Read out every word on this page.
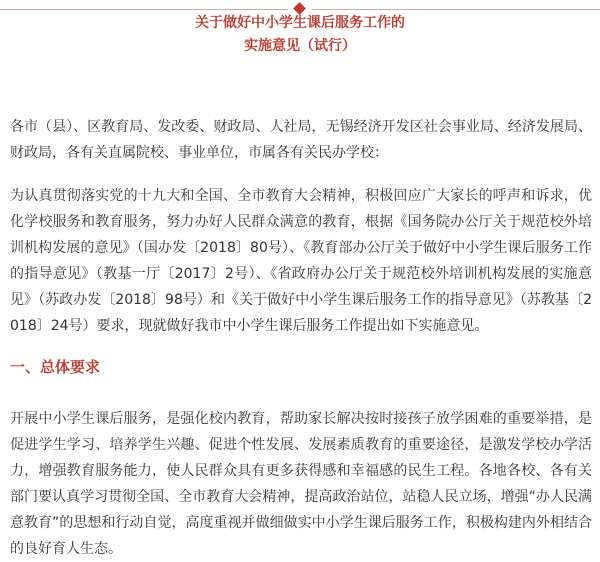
关于做好中小学生课后服务工作的
实施意见（试行）

各市（县）、区教育局、发改委、财政局、人社局，无锡经济开发区社会事业局、经济发展局、财政局，各有关直属院校、事业单位，市属各有关民办学校：

为认真贯彻落实党的十九大和全国、全市教育大会精神，积极回应广大家长的呼声和诉求，优化学校服务和教育服务，努力办好人民群众满意的教育，根据《国务院办公厅关于规范校外培训机构发展的意见》（国办发〔2018〕80号）、《教育部办公厅关于做好中小学生课后服务工作的指导意见》（教基一厅〔2017〕2号）、《省政府办公厅关于规范校外培训机构发展的实施意见》（苏政办发〔2018〕98号）和《关于做好中小学生课后服务工作的指导意见》（苏教基〔2018〕24号）要求，现就做好我市中小学生课后服务工作提出如下实施意见。

一、总体要求

开展中小学生课后服务，是强化校内教育，帮助家长解决按时接孩子放学困难的重要举措，是促进学生学习、培养学生兴趣、促进个性发展、发展素质教育的重要途径，是激发学校办学活力，增强教育服务能力，使人民群众具有更多获得感和幸福感的民生工程。各地各校、各有关部门要认真学习贯彻全国、全市教育大会精神，提高政治站位，站稳人民立场，增强“办人民满意教育”的思想和行动自觉，高度重视并做细做实中小学生课后服务工作，积极构建内外相结合的良好育人生态。
